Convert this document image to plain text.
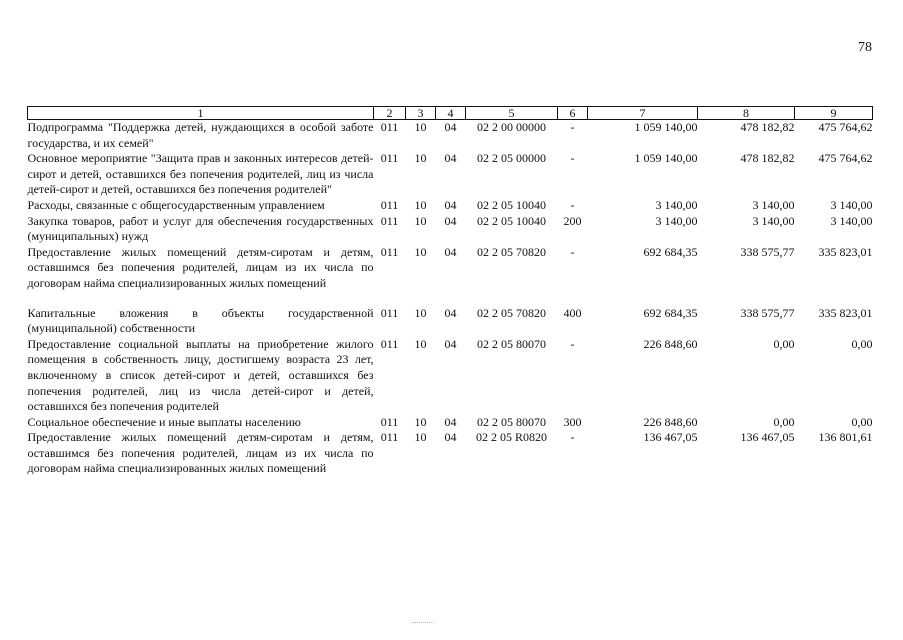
78
1	2	3	4	5	6	7	8	9
Подпрограмма "Поддержка детей, нуждающихся в особой заботе государства, и их семей"	011	10	04	02 2 00 00000	-	1 059 140,00	478 182,82	475 764,62
Основное мероприятие "Защита прав и законных интересов детей-сирот и детей, оставшихся без попечения родителей, лиц из числа детей-сирот и детей, оставшихся без попечения родителей"	011	10	04	02 2 05 00000	-	1 059 140,00	478 182,82	475 764,62
Расходы, связанные с общегосударственным управлением	011	10	04	02 2 05 10040	-	3 140,00	3 140,00	3 140,00
Закупка товаров, работ и услуг для обеспечения государственных (муниципальных) нужд	011	10	04	02 2 05 10040	200	3 140,00	3 140,00	3 140,00
Предоставление жилых помещений детям-сиротам и детям, оставшимся без попечения родителей, лицам из их числа по договорам найма специализированных жилых помещений	011	10	04	02 2 05 70820	-	692 684,35	338 575,77	335 823,01

Капитальные вложения в объекты государственной (муниципальной) собственности	011	10	04	02 2 05 70820	400	692 684,35	338 575,77	335 823,01
Предоставление социальной выплаты на приобретение жилого помещения в собственность лицу, достигшему возраста 23 лет, включенному в список детей-сирот и детей, оставшихся без попечения родителей, лиц из числа детей-сирот и детей, оставшихся без попечения родителей	011	10	04	02 2 05 80070	-	226 848,60	0,00	0,00
Социальное обеспечение и иные выплаты населению	011	10	04	02 2 05 80070	300	226 848,60	0,00	0,00
Предоставление жилых помещений детям-сиротам и детям, оставшимся без попечения родителей, лицам из их числа по договорам найма специализированных жилых помещений	011	10	04	02 2 05 R0820	-	136 467,05	136 467,05	136 801,61
